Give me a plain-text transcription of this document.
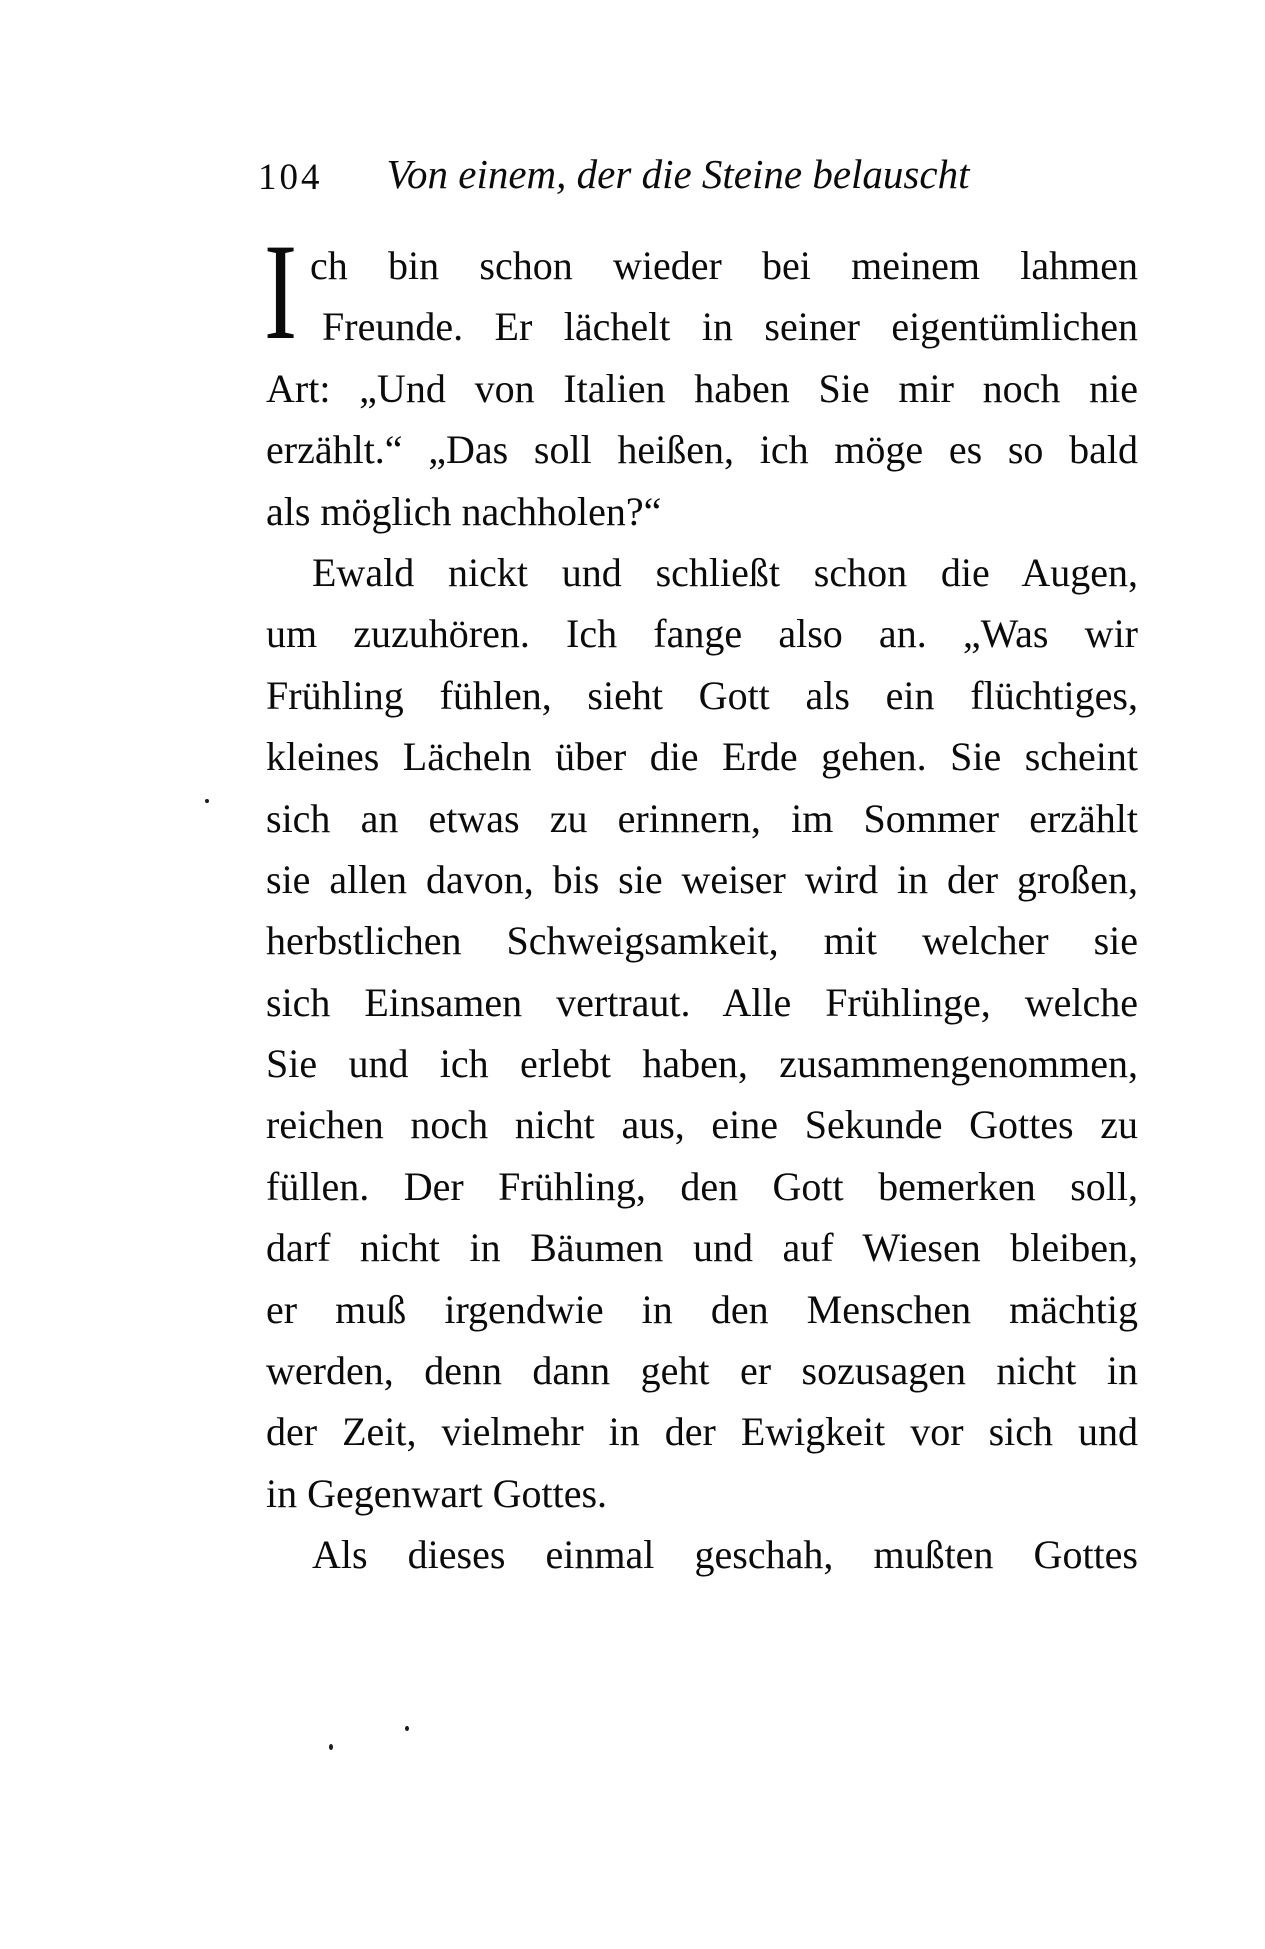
104	Von einem, der die Steine belauscht
I ch bin schon wieder bei meinem lahmen
Freunde. Er lächelt in seiner eigentümlichen
Art: „Und von Italien haben Sie mir noch nie
erzählt.“ „Das soll heißen, ich möge es so bald
als möglich nachholen?“
Ewald nickt und schließt schon die Augen,
um zuzuhören. Ich fange also an. „Was wir
Frühling fühlen, sieht Gott als ein flüchtiges,
kleines Lächeln über die Erde gehen. Sie scheint
sich an etwas zu erinnern, im Sommer erzählt
sie allen davon, bis sie weiser wird in der großen,
herbstlichen Schweigsamkeit, mit welcher sie
sich Einsamen vertraut. Alle Frühlinge, welche
Sie und ich erlebt haben, zusammengenommen,
reichen noch nicht aus, eine Sekunde Gottes zu
füllen. Der Frühling, den Gott bemerken soll,
darf nicht in Bäumen und auf Wiesen bleiben,
er muß irgendwie in den Menschen mächtig
werden, denn dann geht er sozusagen nicht in
der Zeit, vielmehr in der Ewigkeit vor sich und
in Gegenwart Gottes.
Als dieses einmal geschah, mußten Gottes
